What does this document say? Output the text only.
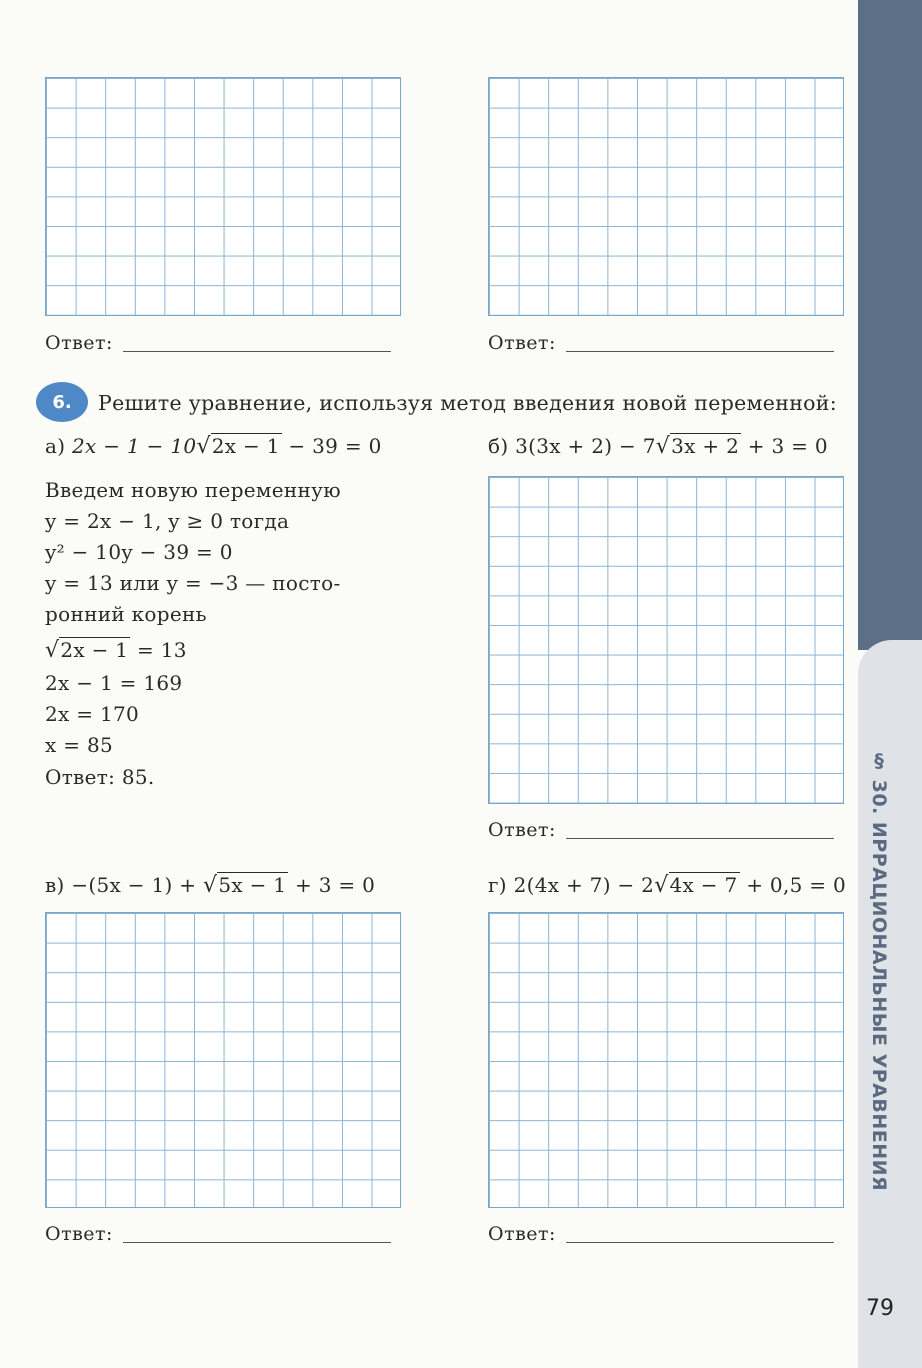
§ 30. ИРРАЦИОНАЛЬНЫЕ УРАВНЕНИЯ
79
Ответ:	Ответ:
6.	Решите уравнение, используя метод введения новой переменной:
а) 2x − 1 − 10√2x − 1 − 39 = 0	б) 3(3x + 2) − 7√3x + 2 + 3 = 0
Введем новую переменную
y = 2x − 1, y ≥ 0 тогда
y² − 10y − 39 = 0
y = 13 или y = −3 — посто-
ронний корень
√2x − 1 = 13
2x − 1 = 169
2x = 170
x = 85
Ответ: 85.
Ответ:
в) −(5x − 1) + √5x − 1 + 3 = 0	г) 2(4x + 7) − 2√4x − 7 + 0,5 = 0
Ответ:	Ответ:
